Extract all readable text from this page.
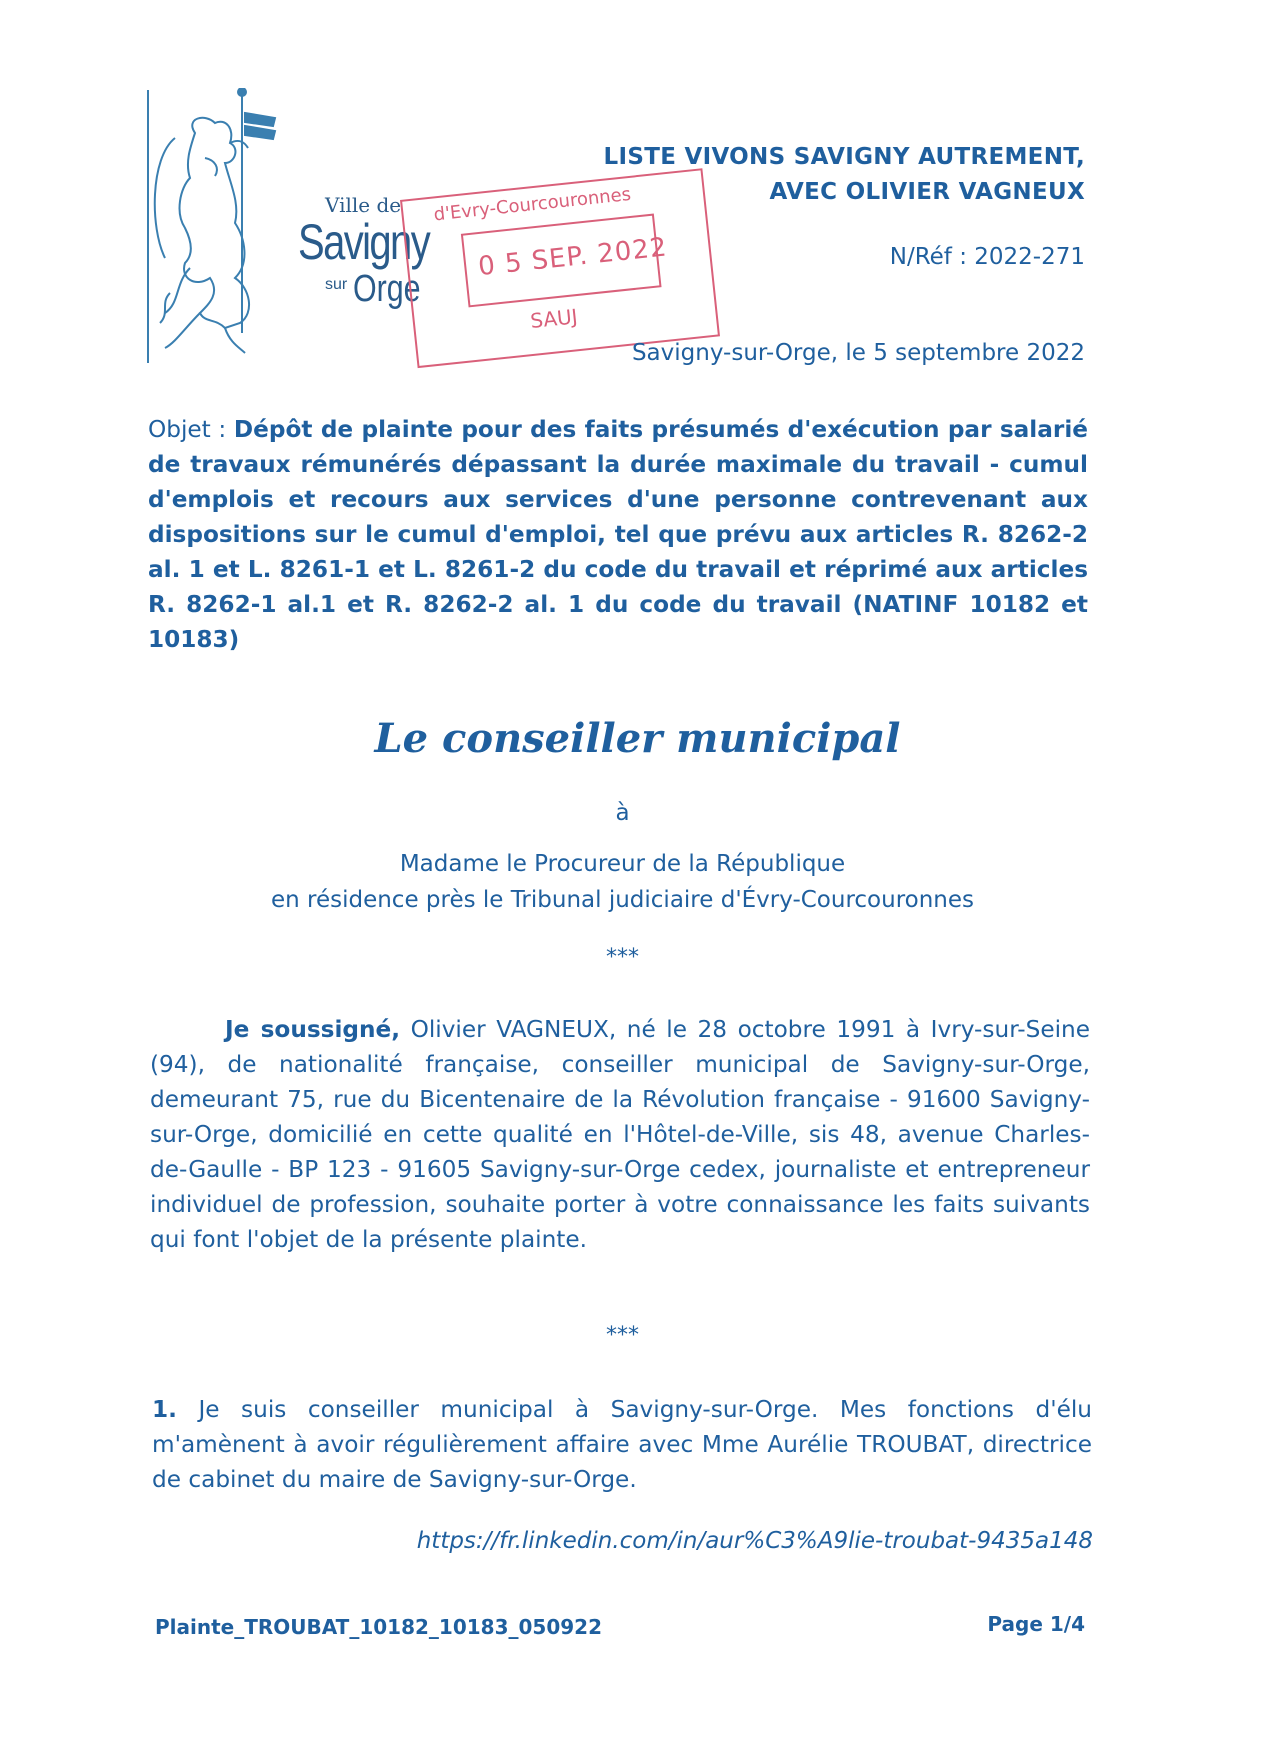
Ville de
Savigny
sur Orge
LISTE VIVONS SAVIGNY AUTREMENT,
AVEC OLIVIER VAGNEUX
N/Réf : 2022-271
d'Evry-Courcouronnes
0 5 SEP. 2022
SAUJ
Savigny-sur-Orge, le 5 septembre 2022
Objet : Dépôt de plainte pour des faits présumés d'exécution par salarié de travaux rémunérés dépassant la durée maximale du travail - cumul d'emplois et recours aux services d'une personne contrevenant aux dispositions sur le cumul d'emploi, tel que prévu aux articles R. 8262-2 al. 1 et L. 8261-1 et L. 8261-2 du code du travail et réprimé aux articles R. 8262-1 al.1 et R. 8262-2 al. 1 du code du travail (NATINF 10182 et 10183)
Le conseiller municipal
à
Madame le Procureur de la République
en résidence près le Tribunal judiciaire d'Évry-Courcouronnes
***
Je soussigné, Olivier VAGNEUX, né le 28 octobre 1991 à Ivry-sur-Seine (94), de nationalité française, conseiller municipal de Savigny-sur-Orge, demeurant 75, rue du Bicentenaire de la Révolution française - 91600 Savigny-sur-Orge, domicilié en cette qualité en l'Hôtel-de-Ville, sis 48, avenue Charles-de-Gaulle - BP 123 - 91605 Savigny-sur-Orge cedex, journaliste et entrepreneur individuel de profession, souhaite porter à votre connaissance les faits suivants qui font l'objet de la présente plainte.
***
1. Je suis conseiller municipal à Savigny-sur-Orge. Mes fonctions d'élu m'amènent à avoir régulièrement affaire avec Mme Aurélie TROUBAT, directrice de cabinet du maire de Savigny-sur-Orge.
https://fr.linkedin.com/in/aur%C3%A9lie-troubat-9435a148
Plainte_TROUBAT_10182_10183_050922	Page 1/4
